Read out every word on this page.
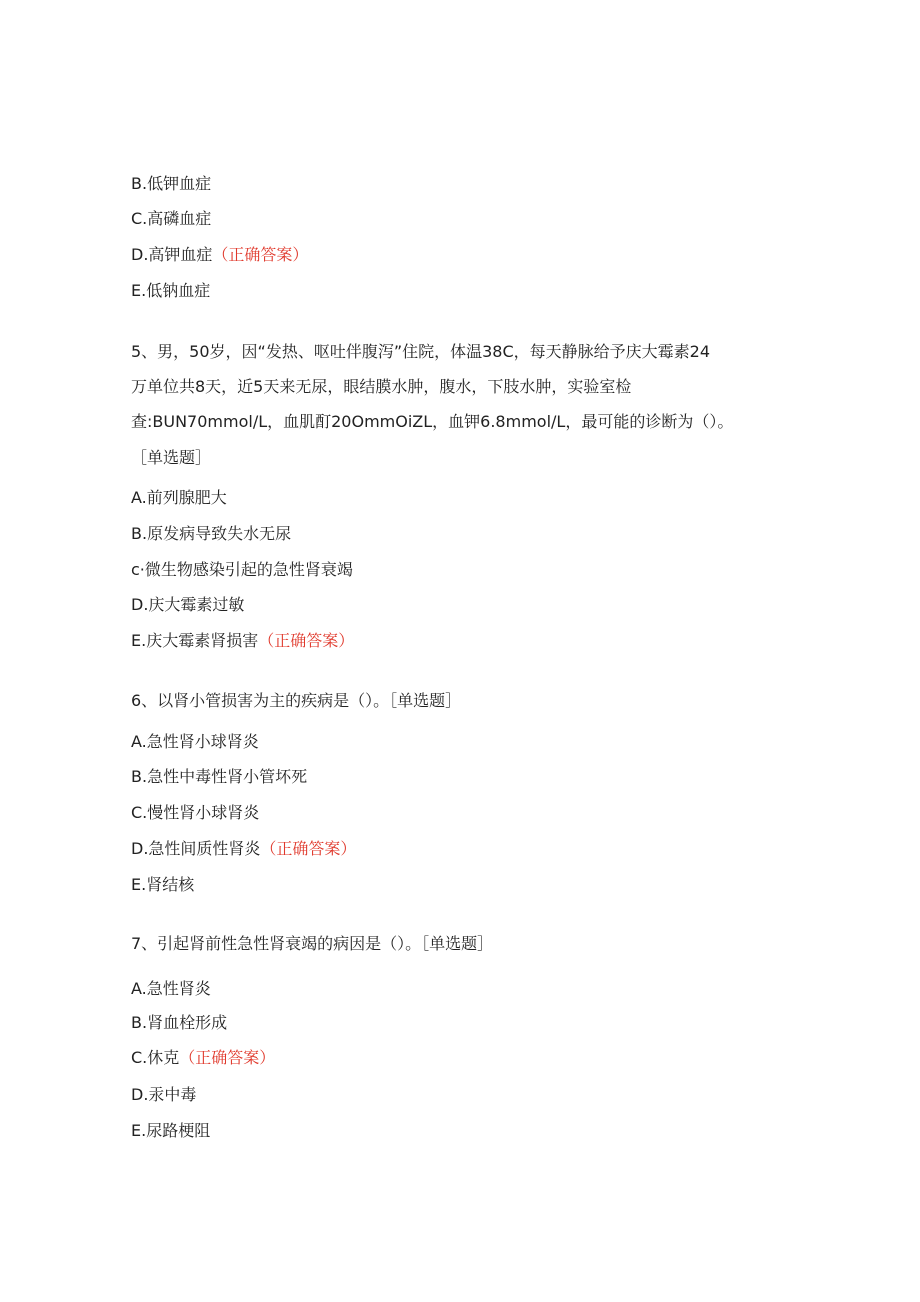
B.低钾血症
C.高磷血症
D.高钾血症（正确答案）
E.低钠血症
5、男，50岁，因“发热、呕吐伴腹泻”住院，体温38C，每天静脉给予庆大霉素24
万单位共8天，近5天来无尿，眼结膜水肿，腹水，下肢水肿，实验室检
查:BUN70mmol/L，血肌酊20OmmOiZL，血钾6.8mmol/L，最可能的诊断为（）。
［单选题］
A.前列腺肥大
B.原发病导致失水无尿
c·微生物感染引起的急性肾衰竭
D.庆大霉素过敏
E.庆大霉素肾损害（正确答案）
6、以肾小管损害为主的疾病是（）。［单选题］
A.急性肾小球肾炎
B.急性中毒性肾小管坏死
C.慢性肾小球肾炎
D.急性间质性肾炎（正确答案）
E.肾结核
7、引起肾前性急性肾衰竭的病因是（）。［单选题］
A.急性肾炎
B.肾血栓形成
C.休克（正确答案）
D.汞中毒
E.尿路梗阻
